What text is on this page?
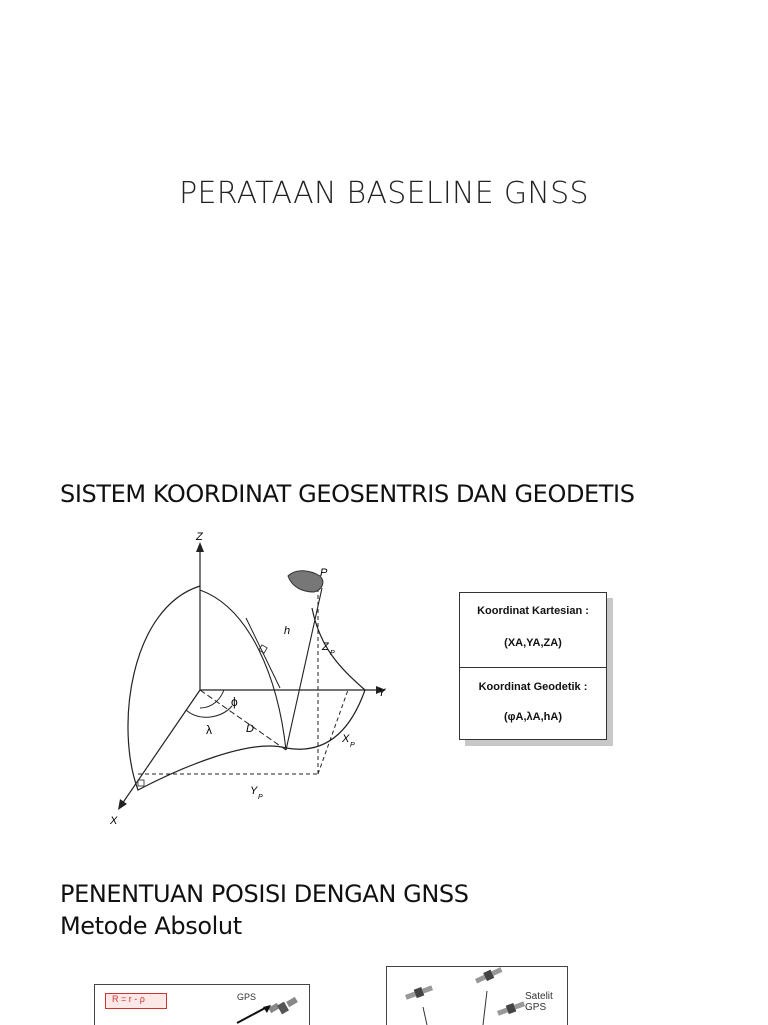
PERATAAN BASELINE GNSS
SISTEM KOORDINAT GEOSENTRIS DAN GEODETIS
Z
Y
X
P
h
Z
P
X
P
Y
P
ϕ
λ	D
Koordinat Kartesian :
(XA,YA,ZA)
Koordinat Geodetik :
(φA,λA,hA)
PENENTUAN POSISI DENGAN GNSS
Metode Absolut
R = r - ρ	GPS	Satelit GPS
